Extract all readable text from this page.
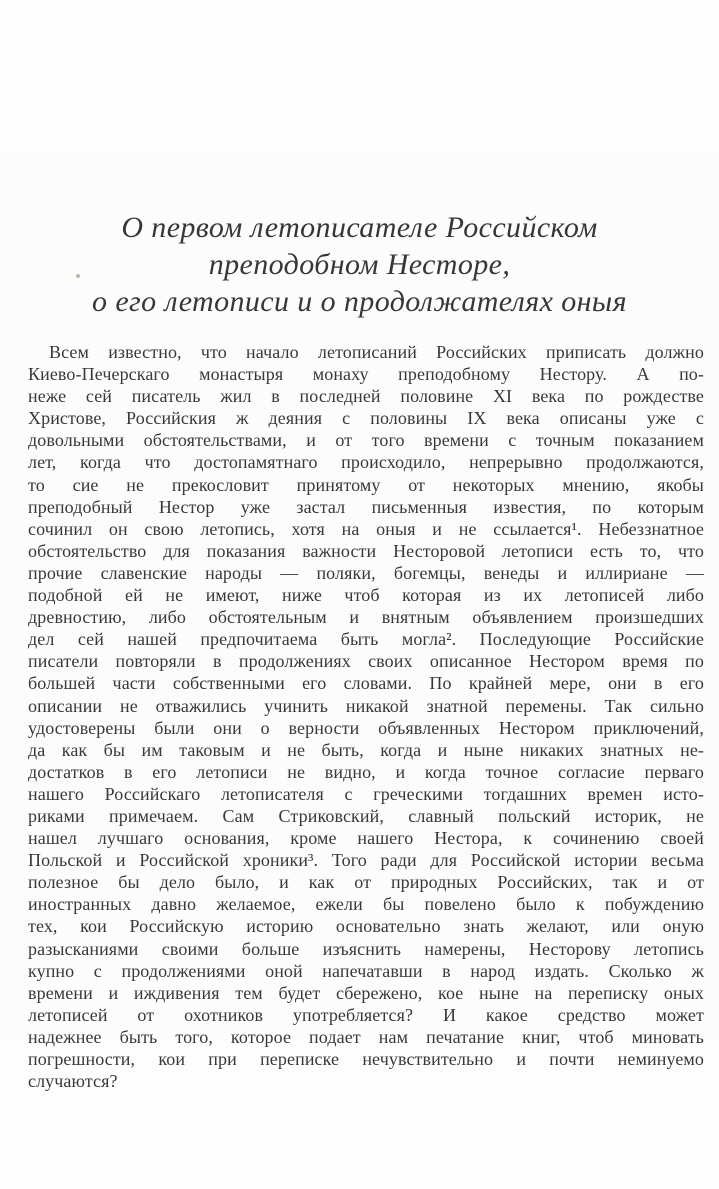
О первом летописателе Российском
преподобном Несторе,
о его летописи и о продолжателях оныя
Всем известно, что начало летописаний Российских приписать должно
Киево-Печерскаго монастыря монаху преподобному Нестору. А по-
неже сей писатель жил в последней половине XI века по рождестве
Христове, Российския ж деяния с половины IX века описаны уже с
довольными обстоятельствами, и от того времени с точным показанием
лет, когда что достопамятнаго происходило, непрерывно продолжаются,
то сие не прекословит принятому от некоторых мнению, якобы
преподобный Нестор уже застал письменныя известия, по которым
сочинил он свою летопись, хотя на оныя и не ссылается¹. Небеззнатное
обстоятельство для показания важности Несторовой летописи есть то, что
прочие славенские народы — поляки, богемцы, венеды и иллириане —
подобной ей не имеют, ниже чтоб которая из их летописей либо
древностию, либо обстоятельным и внятным объявлением произшедших
дел сей нашей предпочитаема быть могла². Последующие Российские
писатели повторяли в продолжениях своих описанное Нестором время по
большей части собственными его словами. По крайней мере, они в его
описании не отважились учинить никакой знатной перемены. Так сильно
удостоверены были они о верности объявленных Нестором приключений,
да как бы им таковым и не быть, когда и ныне никаких знатных не-
достатков в его летописи не видно, и когда точное согласие перваго
нашего Российскаго летописателя с греческими тогдашних времен исто-
риками примечаем. Сам Стриковский, славный польский историк, не
нашел лучшаго основания, кроме нашего Нестора, к сочинению своей
Польской и Российской хроники³. Того ради для Российской истории весьма
полезное бы дело было, и как от природных Российских, так и от
иностранных давно желаемое, ежели бы повелено было к побуждению
тех, кои Российскую историю основательно знать желают, или оную
разысканиями своими больше изъяснить намерены, Несторову летопись
купно с продолжениями оной напечатавши в народ издать. Сколько ж
времени и иждивения тем будет сбережено, кое ныне на переписку оных
летописей от охотников употребляется? И какое средство может
надежнее быть того, которое подает нам печатание книг, чтоб миновать
погрешности, кои при переписке нечувствительно и почти неминуемо
случаются?
